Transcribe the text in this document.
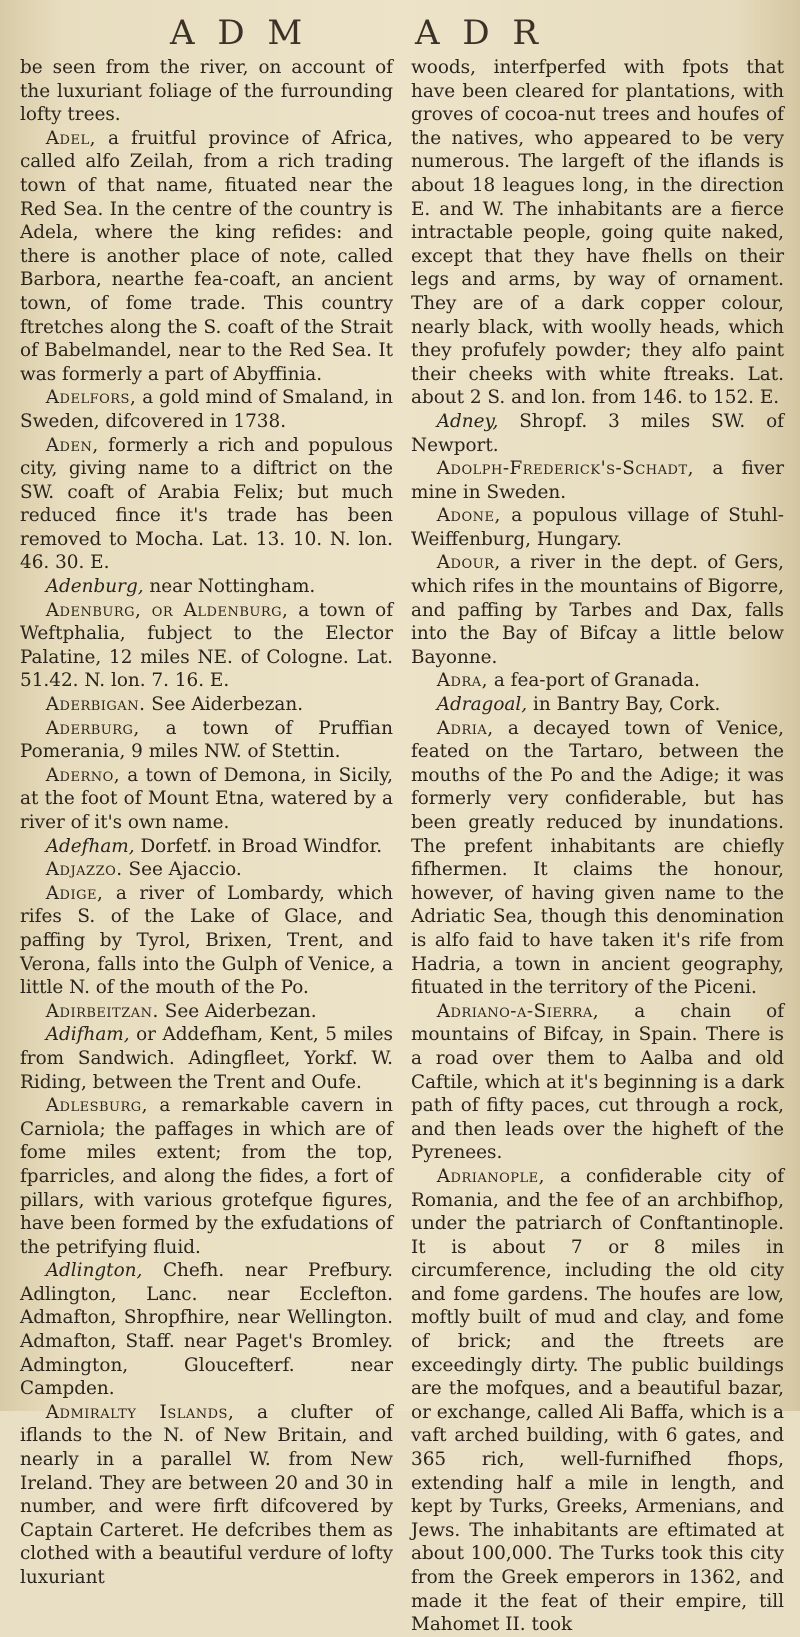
A D M	A D R

be seen from the river, on account of the luxuriant foliage of the furrounding lofty trees.

Adel, a fruitful province of Africa, called alfo Zeilah, from a rich trading town of that name, fituated near the Red Sea. In the centre of the country is Adela, where the king refides: and there is another place of note, called Barbora, nearthe fea-coaft, an ancient town, of fome trade. This country ftretches along the S. coaft of the Strait of Babelmandel, near to the Red Sea. It was formerly a part of Abyffinia.

Adelfors, a gold mind of Smaland, in Sweden, difcovered in 1738.

Aden, formerly a rich and populous city, giving name to a diftrict on the SW. coaft of Arabia Felix; but much reduced fince it's trade has been removed to Mocha. Lat. 13. 10. N. lon. 46. 30. E.

Adenburg, near Nottingham.

Adenburg, or Aldenburg, a town of Weftphalia, fubject to the Elector Palatine, 12 miles NE. of Cologne. Lat. 51.42. N. lon. 7. 16. E.

Aderbigan. See Aiderbezan.

Aderburg, a town of Pruffian Pomerania, 9 miles NW. of Stettin.

Aderno, a town of Demona, in Sicily, at the foot of Mount Etna, watered by a river of it's own name.

Adefham, Dorfetf. in Broad Windfor.

Adjazzo. See Ajaccio.

Adige, a river of Lombardy, which rifes S. of the Lake of Glace, and paffing by Tyrol, Brixen, Trent, and Verona, falls into the Gulph of Venice, a little N. of the mouth of the Po.

Adirbeitzan. See Aiderbezan.

Adifham, or Addefham, Kent, 5 miles from Sandwich. Adingfleet, Yorkf. W. Riding, between the Trent and Oufe.

Adlesburg, a remarkable cavern in Carniola; the paffages in which are of fome miles extent; from the top, fparricles, and along the fides, a fort of pillars, with various grotefque figures, have been formed by the exfudations of the petrifying fluid.

Adlington, Chefh. near Prefbury. Adlington, Lanc. near Ecclefton. Admafton, Shropfhire, near Wellington. Admafton, Staff. near Paget's Bromley. Admington, Gloucefterf. near Campden.

Admiralty Islands, a clufter of iflands to the N. of New Britain, and nearly in a parallel W. from New Ireland. They are between 20 and 30 in number, and were firft difcovered by Captain Carteret. He defcribes them as clothed with a beautiful verdure of lofty luxuriant

woods, interfperfed with fpots that have been cleared for plantations, with groves of cocoa-nut trees and houfes of the natives, who appeared to be very numerous. The largeft of the iflands is about 18 leagues long, in the direction E. and W. The inhabitants are a fierce intractable people, going quite naked, except that they have fhells on their legs and arms, by way of ornament. They are of a dark copper colour, nearly black, with woolly heads, which they profufely powder; they alfo paint their cheeks with white ftreaks. Lat. about 2 S. and lon. from 146. to 152. E.

Adney, Shropf. 3 miles SW. of Newport.

Adolph-Frederick's-Schadt, a fiver mine in Sweden.

Adone, a populous village of Stuhl-Weiffenburg, Hungary.

Adour, a river in the dept. of Gers, which rifes in the mountains of Bigorre, and paffing by Tarbes and Dax, falls into the Bay of Bifcay a little below Bayonne.

Adra, a fea-port of Granada.

Adragoal, in Bantry Bay, Cork.

Adria, a decayed town of Venice, feated on the Tartaro, between the mouths of the Po and the Adige; it was formerly very confiderable, but has been greatly reduced by inundations. The prefent inhabitants are chiefly fifhermen. It claims the honour, however, of having given name to the Adriatic Sea, though this denomination is alfo faid to have taken it's rife from Hadria, a town in ancient geography, fituated in the territory of the Piceni.

Adriano-a-Sierra, a chain of mountains of Bifcay, in Spain. There is a road over them to Aalba and old Caftile, which at it's beginning is a dark path of fifty paces, cut through a rock, and then leads over the higheft of the Pyrenees.

Adrianople, a confiderable city of Romania, and the fee of an archbifhop, under the patriarch of Conftantinople. It is about 7 or 8 miles in circumference, including the old city and fome gardens. The houfes are low, moftly built of mud and clay, and fome of brick; and the ftreets are exceedingly dirty. The public buildings are the mofques, and a beautiful bazar, or exchange, called Ali Baffa, which is a vaft arched building, with 6 gates, and 365 rich, well-furnifhed fhops, extending half a mile in length, and kept by Turks, Greeks, Armenians, and Jews. The inhabitants are eftimated at about 100,000. The Turks took this city from the Greek emperors in 1362, and made it the feat of their empire, till Mahomet II. took
